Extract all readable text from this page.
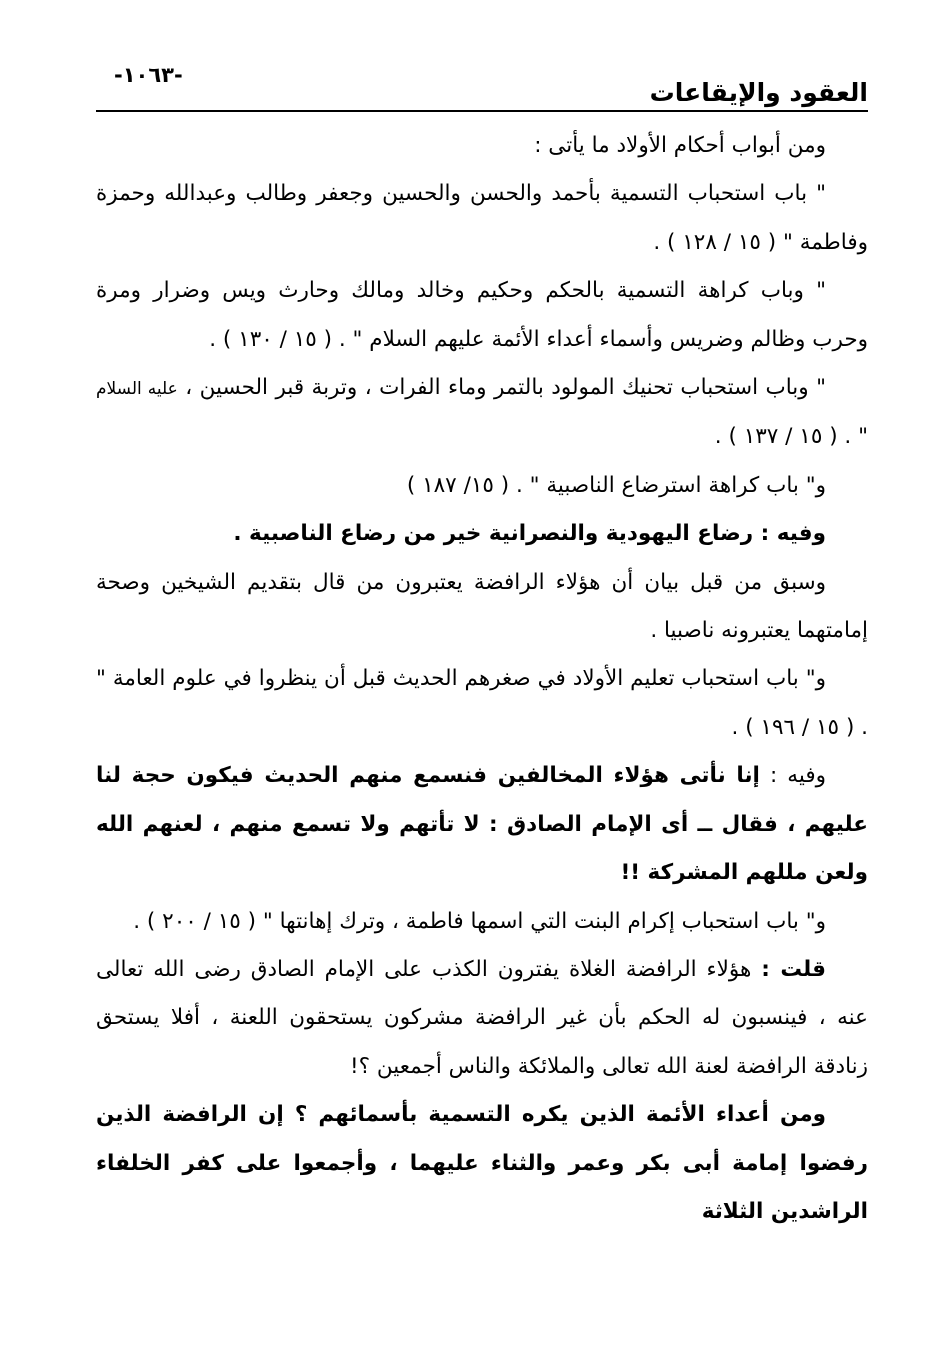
العقود والإيقاعات
-١٠٦٣-

ومن أبواب أحكام الأولاد ما يأتى :

" باب استحباب التسمية بأحمد والحسن والحسين وجعفر وطالب وعبدالله وحمزة وفاطمة " ( ١٥ / ١٢٨ ) .

" وباب كراهة التسمية بالحكم وحكيم وخالد ومالك وحارث ويس وضرار ومرة وحرب وظالم وضريس وأسماء أعداء الأئمة عليهم السلام " . ( ١٥ / ١٣٠ ) .

" وباب استحباب تحنيك المولود بالتمر وماء الفرات ، وتربة قبر الحسين ، عليه السلام " . ( ١٥ / ١٣٧ ) .

و" باب كراهة استرضاع الناصبية " . ( ١٥/ ١٨٧ )

وفيه : رضاع اليهودية والنصرانية خير من رضاع الناصبية .

وسبق من قبل بيان أن هؤلاء الرافضة يعتبرون من قال بتقديم الشيخين وصحة إمامتهما يعتبرونه ناصبيا .

و" باب استحباب تعليم الأولاد في صغرهم الحديث قبل أن ينظروا في علوم العامة " . ( ١٥ / ١٩٦ ) .

وفيه : إنا نأتى هؤلاء المخالفين فنسمع منهم الحديث فيكون حجة لنا عليهم ، فقال ــ أى الإمام الصادق : لا تأتهم ولا تسمع منهم ، لعنهم الله ولعن مللهم المشركة !!

و" باب استحباب إكرام البنت التي اسمها فاطمة ، وترك إهانتها " ( ١٥ / ٢٠٠ ) .

قلت : هؤلاء الرافضة الغلاة يفترون الكذب على الإمام الصادق رضى الله تعالى عنه ، فينسبون له الحكم بأن غير الرافضة مشركون يستحقون اللعنة ، أفلا يستحق زنادقة الرافضة لعنة الله تعالى والملائكة والناس أجمعين ؟!

ومن أعداء الأئمة الذين يكره التسمية بأسمائهم ؟ إن الرافضة الذين رفضوا إمامة أبى بكر وعمر والثناء عليهما ، وأجمعوا على كفر الخلفاء الراشدين الثلاثة
